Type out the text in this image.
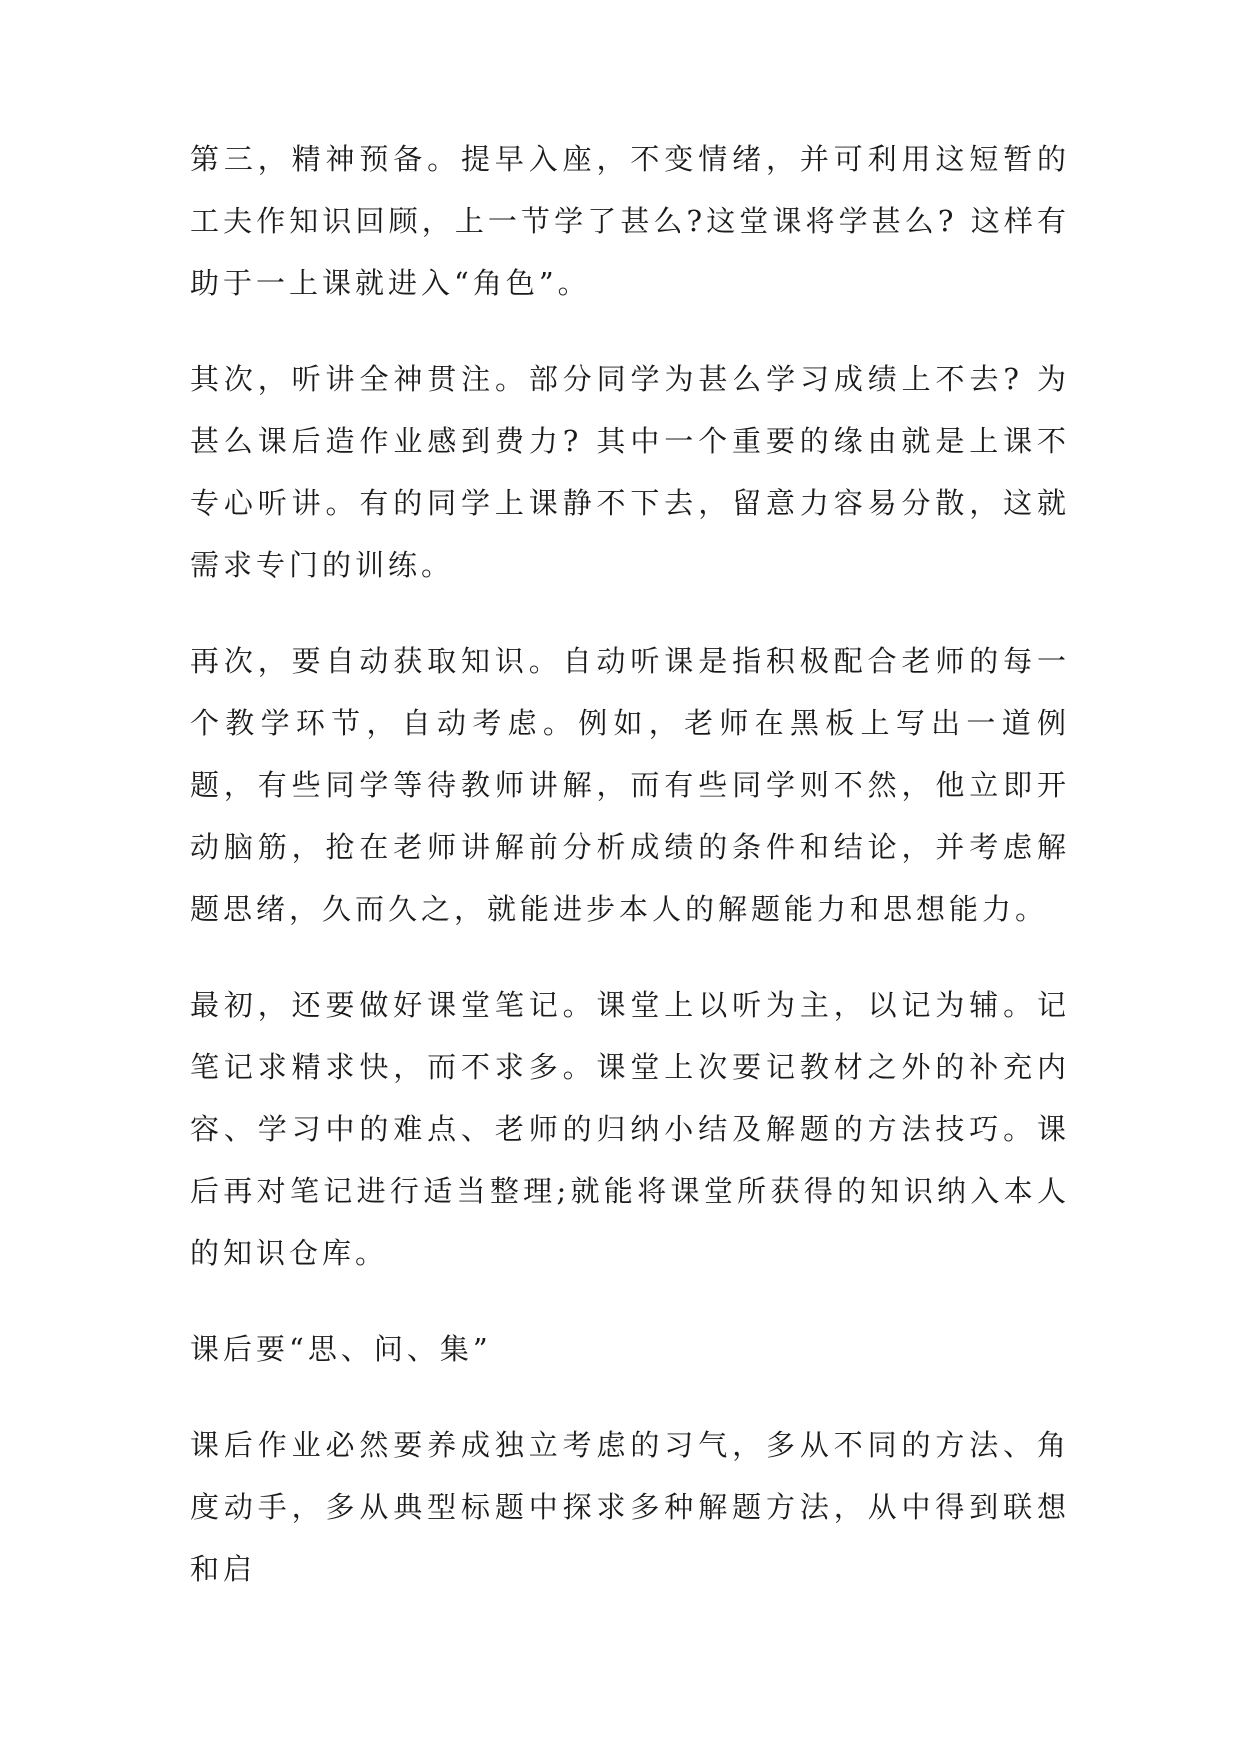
第三，精神预备。提早入座，不变情绪，并可利用这短暂的工夫作知识回顾，上一节学了甚么?这堂课将学甚么? 这样有助于一上课就进入“角色”。

其次，听讲全神贯注。部分同学为甚么学习成绩上不去? 为甚么课后造作业感到费力? 其中一个重要的缘由就是上课不专心听讲。有的同学上课静不下去，留意力容易分散，这就需求专门的训练。

再次，要自动获取知识。自动听课是指积极配合老师的每一个教学环节，自动考虑。例如，老师在黑板上写出一道例题，有些同学等待教师讲解，而有些同学则不然，他立即开动脑筋，抢在老师讲解前分析成绩的条件和结论，并考虑解题思绪，久而久之，就能进步本人的解题能力和思想能力。

最初，还要做好课堂笔记。课堂上以听为主，以记为辅。记笔记求精求快，而不求多。课堂上次要记教材之外的补充内容、学习中的难点、老师的归纳小结及解题的方法技巧。课后再对笔记进行适当整理;就能将课堂所获得的知识纳入本人的知识仓库。

课后要“思、问、集”

课后作业必然要养成独立考虑的习气，多从不同的方法、角度动手，多从典型标题中探求多种解题方法，从中得到联想和启
